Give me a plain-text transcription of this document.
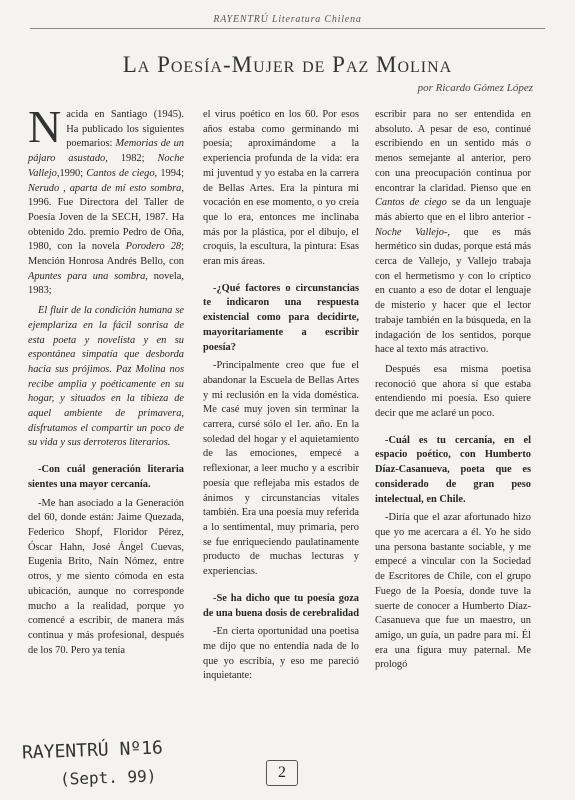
RAYENTRÚ Literatura Chilena
La Poesía-Mujer de Paz Molina
por Ricardo Gómez López

Nacida en Santiago (1945). Ha publicado los siguientes poemarios: Memorias de un pájaro asustado, 1982; Noche Vallejo,1990; Cantos de ciego, 1994; Nerudo , aparta de mí esto sombra, 1996. Fue Directora del Taller de Poesía Joven de la SECH, 1987. Ha obtenido 2do. premio Pedro de Oña, 1980, con la novela Porodero 28; Mención Honrosa Andrés Bello, con Apuntes para una sombra, novela, 1983;

El fluir de la condición humana se ejemplariza en la fácil sonrisa de esta poeta y novelista y en su espontánea simpatía que desborda hacia sus prójimos. Paz Molina nos recibe amplia y poéticamente en su hogar, y situados en la tibieza de aquel ambiente de primavera, disfrutamos el compartir un poco de su vida y sus derroteros literarios.

-Con cuál generación literaria sientes una mayor cercanía.

-Me han asociado a la Generación del 60, donde están: Jaime Quezada, Federico Shopf, Floridor Pérez, Óscar Hahn, José Ángel Cuevas, Eugenia Brito, Naín Nómez, entre otros, y me siento cómoda en esta ubicación, aunque no corresponde mucho a la realidad, porque yo comencé a escribir, de manera más continua y más profesional, después de los 70. Pero ya tenía

el virus poético en los 60. Por esos años estaba como germinando mi poesía; aproximándome a la experiencia profunda de la vida: era mi juventud y yo estaba en la carrera de Bellas Artes. Era la pintura mi vocación en ese momento, o yo creía que lo era, entonces me inclinaba más por la plástica, por el dibujo, el croquis, la escultura, la pintura: Esas eran mis áreas.

-¿Qué factores o circunstancias te indicaron una respuesta existencial como para decidirte, mayoritariamente a escribir poesía?

-Principalmente creo que fue el abandonar la Escuela de Bellas Artes y mi reclusión en la vida doméstica. Me casé muy joven sin terminar la carrera, cursé sólo el 1er. año. En la soledad del hogar y el aquietamiento de las emociones, empecé a reflexionar, a leer mucho y a escribir poesía que reflejaba mis estados de ánimos y circunstancias vitales también. Era una poesía muy referida a lo sentimental, muy primaria, pero se fue enriqueciendo paulatinamente producto de muchas lecturas y experiencias.

-Se ha dicho que tu poesía goza de una buena dosis de cerebralidad

-En cierta oportunidad una poetisa me dijo que no entendía nada de lo que yo escribía, y eso me pareció inquietante:

escribir para no ser entendida en absoluto. A pesar de eso, continué escribiendo en un sentido más o menos semejante al anterior, pero con una preocupación continua por encontrar la claridad. Pienso que en Cantos de ciego se da un lenguaje más abierto que en el libro anterior -Noche Vallejo-, que es más hermético sin dudas, porque está más cerca de Vallejo, y Vallejo trabaja con el hermetismo y con lo críptico en cuanto a eso de dotar el lenguaje de misterio y hacer que el lector trabaje también en la búsqueda, en la indagación de los sentidos, porque hace al texto más atractivo.

Después esa misma poetisa reconoció que ahora sí que estaba entendiendo mi poesía. Eso quiere decir que me aclaré un poco.

-Cuál es tu cercanía, en el espacio poético, con Humberto Díaz-Casanueva, poeta que es considerado de gran peso intelectual, en Chile.

-Diría que el azar afortunado hizo que yo me acercara a él. Yo he sido una persona bastante sociable, y me empecé a vincular con la Sociedad de Escritores de Chile, con el grupo Fuego de la Poesía, donde tuve la suerte de conocer a Humberto Díaz-Casanueva que fue un maestro, un amigo, un guía, un padre para mí. Él era una figura muy paternal. Me prologó

RAYENTRÚ Nº16
(Sept. 99)	2
